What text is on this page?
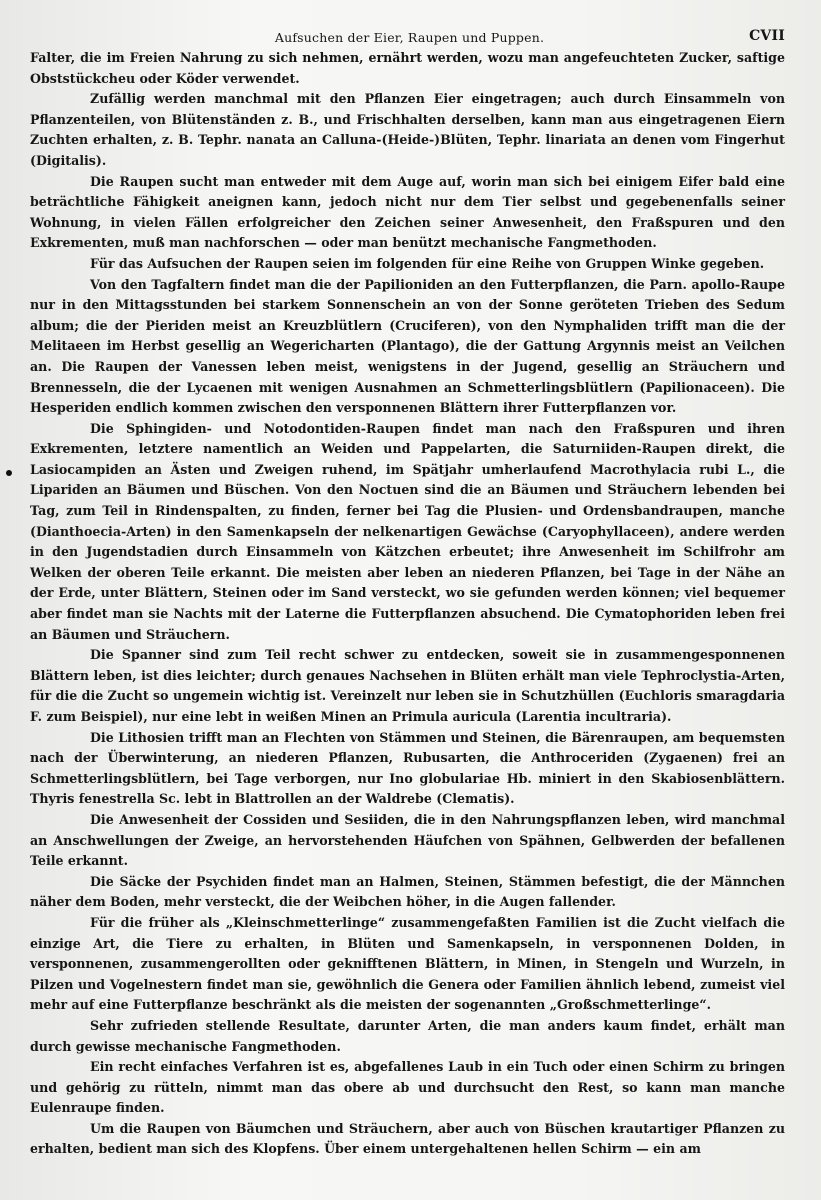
Aufsuchen der Eier, Raupen und Puppen.	CVII

Falter, die im Freien Nahrung zu sich nehmen, ernährt werden, wozu man angefeuchteten Zucker, saftige Obststückcheu oder Köder verwendet.

Zufällig werden manchmal mit den Pflanzen Eier eingetragen; auch durch Einsammeln von Pflanzenteilen, von Blütenständen z. B., und Frischhalten derselben, kann man aus eingetragenen Eiern Zuchten erhalten, z. B. Tephr. nanata an Calluna-(Heide-)Blüten, Tephr. linariata an denen vom Fingerhut (Digitalis).

Die Raupen sucht man entweder mit dem Auge auf, worin man sich bei einigem Eifer bald eine beträchtliche Fähigkeit aneignen kann, jedoch nicht nur dem Tier selbst und gegebenenfalls seiner Wohnung, in vielen Fällen erfolgreicher den Zeichen seiner Anwesenheit, den Fraßspuren und den Exkrementen, muß man nachforschen — oder man benützt mechanische Fangmethoden.

Für das Aufsuchen der Raupen seien im folgenden für eine Reihe von Gruppen Winke gegeben.

Von den Tagfaltern findet man die der Papilioniden an den Futterpflanzen, die Parn. apollo-Raupe nur in den Mittagsstunden bei starkem Sonnenschein an von der Sonne geröteten Trieben des Sedum album; die der Pieriden meist an Kreuzblütlern (Cruciferen), von den Nymphaliden trifft man die der Melitaeen im Herbst gesellig an Wegericharten (Plantago), die der Gattung Argynnis meist an Veilchen an. Die Raupen der Vanessen leben meist, wenigstens in der Jugend, gesellig an Sträuchern und Brennesseln, die der Lycaenen mit wenigen Ausnahmen an Schmetterlingsblütlern (Papilionaceen). Die Hesperiden endlich kommen zwischen den versponnenen Blättern ihrer Futterpflanzen vor.

Die Sphingiden- und Notodontiden-Raupen findet man nach den Fraßspuren und ihren Exkrementen, letztere namentlich an Weiden und Pappelarten, die Saturniiden-Raupen direkt, die Lasiocampiden an Ästen und Zweigen ruhend, im Spätjahr umherlaufend Macrothylacia rubi L., die Lipariden an Bäumen und Büschen. Von den Noctuen sind die an Bäumen und Sträuchern lebenden bei Tag, zum Teil in Rindenspalten, zu finden, ferner bei Tag die Plusien- und Ordensbandraupen, manche (Dianthoecia-Arten) in den Samenkapseln der nelkenartigen Gewächse (Caryophyllaceen), andere werden in den Jugendstadien durch Einsammeln von Kätzchen erbeutet; ihre Anwesenheit im Schilfrohr am Welken der oberen Teile erkannt. Die meisten aber leben an niederen Pflanzen, bei Tage in der Nähe an der Erde, unter Blättern, Steinen oder im Sand versteckt, wo sie gefunden werden können; viel bequemer aber findet man sie Nachts mit der Laterne die Futterpflanzen absuchend. Die Cymatophoriden leben frei an Bäumen und Sträuchern.

Die Spanner sind zum Teil recht schwer zu entdecken, soweit sie in zusammengesponnenen Blättern leben, ist dies leichter; durch genaues Nachsehen in Blüten erhält man viele Tephroclystia-Arten, für die die Zucht so ungemein wichtig ist. Vereinzelt nur leben sie in Schutzhüllen (Euchloris smaragdaria F. zum Beispiel), nur eine lebt in weißen Minen an Primula auricula (Larentia incultraria).

Die Lithosien trifft man an Flechten von Stämmen und Steinen, die Bärenraupen, am bequemsten nach der Überwinterung, an niederen Pflanzen, Rubusarten, die Anthroceriden (Zygaenen) frei an Schmetterlingsblütlern, bei Tage verborgen, nur Ino globulariae Hb. miniert in den Skabiosenblättern. Thyris fenestrella Sc. lebt in Blattrollen an der Waldrebe (Clematis).

Die Anwesenheit der Cossiden und Sesiiden, die in den Nahrungspflanzen leben, wird manchmal an Anschwellungen der Zweige, an hervorstehenden Häufchen von Spähnen, Gelbwerden der befallenen Teile erkannt.

Die Säcke der Psychiden findet man an Halmen, Steinen, Stämmen befestigt, die der Männchen näher dem Boden, mehr versteckt, die der Weibchen höher, in die Augen fallender.

Für die früher als „Kleinschmetterlinge“ zusammengefaßten Familien ist die Zucht vielfach die einzige Art, die Tiere zu erhalten, in Blüten und Samenkapseln, in versponnenen Dolden, in versponnenen, zusammengerollten oder geknifftenen Blättern, in Minen, in Stengeln und Wurzeln, in Pilzen und Vogelnestern findet man sie, gewöhnlich die Genera oder Familien ähnlich lebend, zumeist viel mehr auf eine Futterpflanze beschränkt als die meisten der sogenannten „Großschmetterlinge“.

Sehr zufrieden stellende Resultate, darunter Arten, die man anders kaum findet, erhält man durch gewisse mechanische Fangmethoden.

Ein recht einfaches Verfahren ist es, abgefallenes Laub in ein Tuch oder einen Schirm zu bringen und gehörig zu rütteln, nimmt man das obere ab und durchsucht den Rest, so kann man manche Eulenraupe finden.

Um die Raupen von Bäumchen und Sträuchern, aber auch von Büschen krautartiger Pflanzen zu erhalten, bedient man sich des Klopfens. Über einem untergehaltenen hellen Schirm — ein am
